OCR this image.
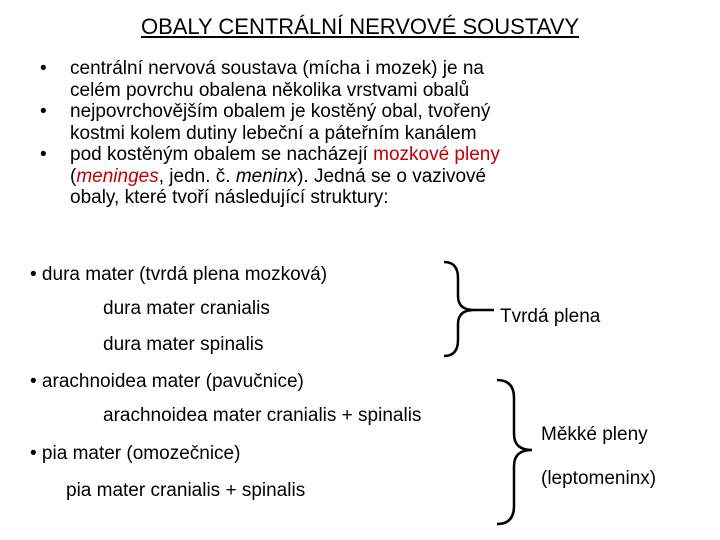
OBALY CENTRÁLNÍ NERVOVÉ SOUSTAVY
• centrální nervová soustava (mícha i mozek) je na
celém povrchu obalena několika vrstvami obalů
• nejpovrchovějším obalem je kostěný obal, tvořený
kostmi kolem dutiny lebeční a páteřním kanálem
• pod kostěným obalem se nacházejí mozkové pleny
(meninges, jedn. č. meninx). Jedná se o vazivové
obaly, které tvoří následující struktury:
• dura mater (tvrdá plena mozková)
dura mater cranialis
dura mater spinalis
Tvrdá plena
• arachnoidea mater (pavučnice)
arachnoidea mater cranialis + spinalis
• pia mater (omozečnice)
pia mater cranialis + spinalis
Měkké pleny
(leptomeninx)
